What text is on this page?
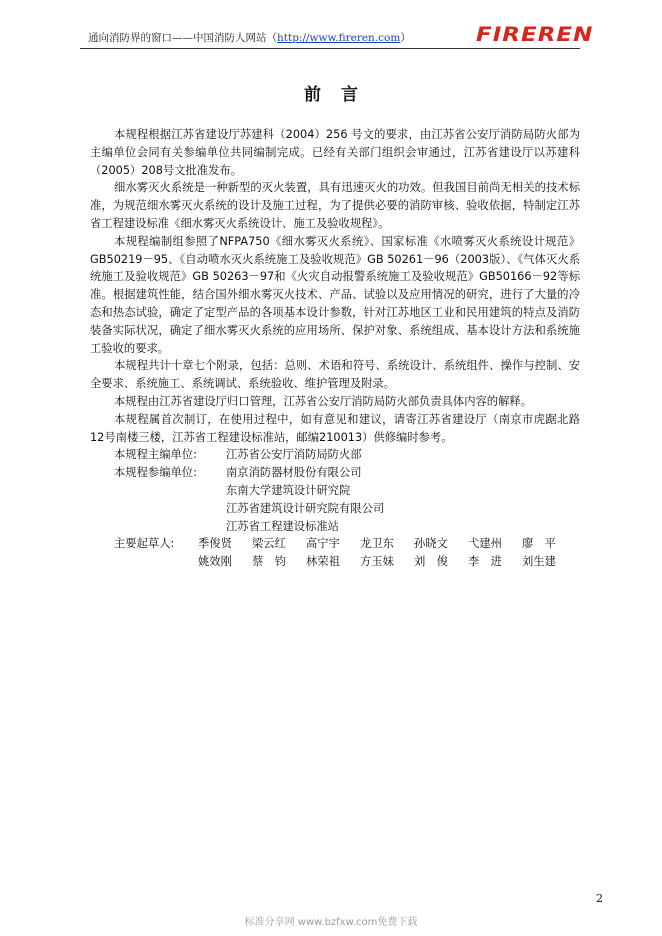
通向消防界的窗口——中国消防人网站（http://www.fireren.com）	FIREREN
前言

本规程根据江苏省建设厅苏建科（2004）256 号文的要求，由江苏省公安厅消防局防火部为主编单位会同有关参编单位共同编制完成。已经有关部门组织会审通过，江苏省建设厅以苏建科（2005）208号文批准发布。

细水雾灭火系统是一种新型的灭火装置，具有迅速灭火的功效。但我国目前尚无相关的技术标准，为规范细水雾灭火系统的设计及施工过程，为了提供必要的消防审核、验收依据，特制定江苏省工程建设标准《细水雾灭火系统设计、施工及验收规程》。

本规程编制组参照了NFPA750《细水雾灭火系统》、国家标准《水喷雾灭火系统设计规范》GB50219－95、《自动喷水灭火系统施工及验收规范》GB 50261－96（2003版）、《气体灭火系统施工及验收规范》GB 50263－97和《火灾自动报警系统施工及验收规范》GB50166－92等标准。根据建筑性能，结合国外细水雾灭火技术、产品、试验以及应用情况的研究，进行了大量的冷态和热态试验，确定了定型产品的各项基本设计参数，针对江苏地区工业和民用建筑的特点及消防装备实际状况，确定了细水雾灭火系统的应用场所、保护对象、系统组成、基本设计方法和系统施工验收的要求。

本规程共计十章七个附录，包括：总则、术语和符号、系统设计、系统组件、操作与控制、安全要求、系统施工、系统调试、系统验收、维护管理及附录。

本规程由江苏省建设厅归口管理，江苏省公安厅消防局防火部负责具体内容的解释。

本规程属首次制订，在使用过程中，如有意见和建议，请寄江苏省建设厅（南京市虎踞北路12号南楼三楼，江苏省工程建设标准站，邮编210013）供修编时参考。

本规程主编单位:	江苏省公安厅消防局防火部
本规程参编单位:	南京消防器材股份有限公司
东南大学建筑设计研究院
江苏省建筑设计研究院有限公司
江苏省工程建设标准站
主要起草人:	季俊贤	梁云红	高宁宇	龙卫东	孙晓文	弋建州	廖　平
姚效刚	蔡　钧	林荣祖	方玉妹	刘　俊	李　进	刘生建
2
标准分享网 www.bzfxw.com免费下载
